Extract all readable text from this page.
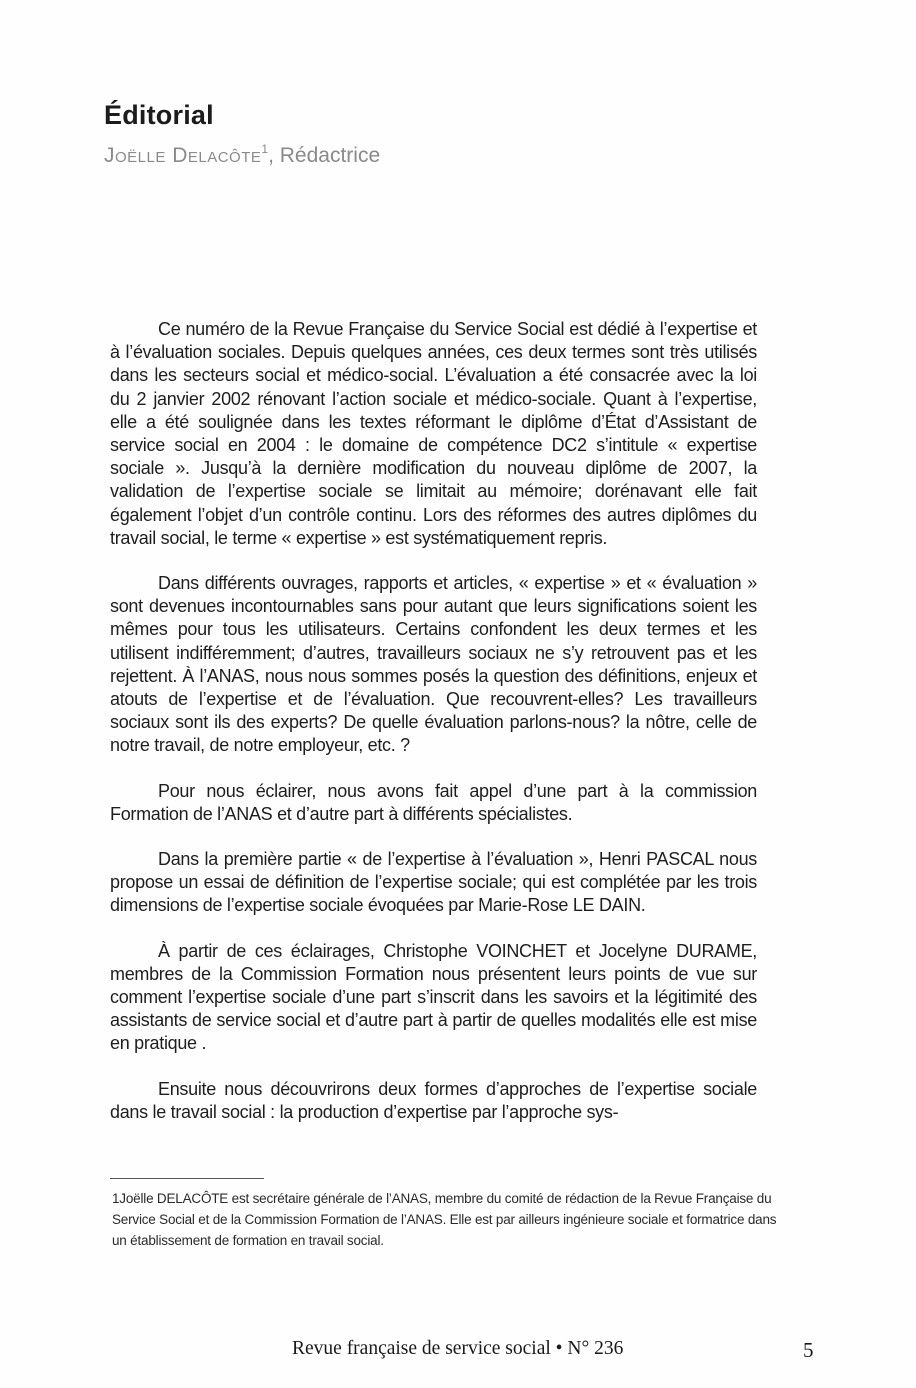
Éditorial
Joëlle Delacôte$^1$, Rédactrice

Ce numéro de la Revue Française du Service Social est dédié à l’expertise et à l’évaluation sociales. Depuis quelques années, ces deux termes sont très utilisés dans les secteurs social et médico-social. L’évaluation a été consacrée avec la loi du 2 janvier 2002 rénovant l’action sociale et médico-sociale. Quant à l’expertise, elle a été soulignée dans les textes réformant le diplôme d’État d’Assistant de service social en 2004 : le domaine de compétence DC2 s’intitule « expertise sociale ». Jusqu’à la dernière modification du nouveau diplôme de 2007, la validation de l’expertise sociale se limitait au mémoire; dorénavant elle fait également l’objet d’un contrôle continu. Lors des réformes des autres diplômes du travail social, le terme « expertise » est systématiquement repris.

Dans différents ouvrages, rapports et articles, « expertise » et « évaluation » sont devenues incontournables sans pour autant que leurs significations soient les mêmes pour tous les utilisateurs. Certains confondent les deux termes et les utilisent indifféremment; d’autres, travailleurs sociaux ne s’y retrouvent pas et les rejettent. À l’ANAS, nous nous sommes posés la question des définitions, enjeux et atouts de l’expertise et de l’évaluation. Que recouvrent-elles? Les travailleurs sociaux sont ils des experts? De quelle évaluation parlons-nous? la nôtre, celle de notre travail, de notre employeur, etc. ?

Pour nous éclairer, nous avons fait appel d’une part à la commission Formation de l’ANAS et d’autre part à différents spécialistes.

Dans la première partie « de l’expertise à l’évaluation », Henri PASCAL nous propose un essai de définition de l’expertise sociale; qui est complétée par les trois dimensions de l’expertise sociale évoquées par Marie-Rose LE DAIN.

À partir de ces éclairages, Christophe VOINCHET et Jocelyne DURAME, membres de la Commission Formation nous présentent leurs points de vue sur comment l’expertise sociale d’une part s’inscrit dans les savoirs et la légitimité des assistants de service social et d’autre part à partir de quelles modalités elle est mise en pratique .

Ensuite nous découvrirons deux formes d’approches de l’expertise sociale dans le travail social : la production d’expertise par l’approche sys-

1Joëlle DELACÔTE est secrétaire générale de l’ANAS, membre du comité de rédaction de la Revue Française du Service Social et de la Commission Formation de l’ANAS. Elle est par ailleurs ingénieure sociale et formatrice dans un établissement de formation en travail social.
Revue française de service social • N° 236	5
